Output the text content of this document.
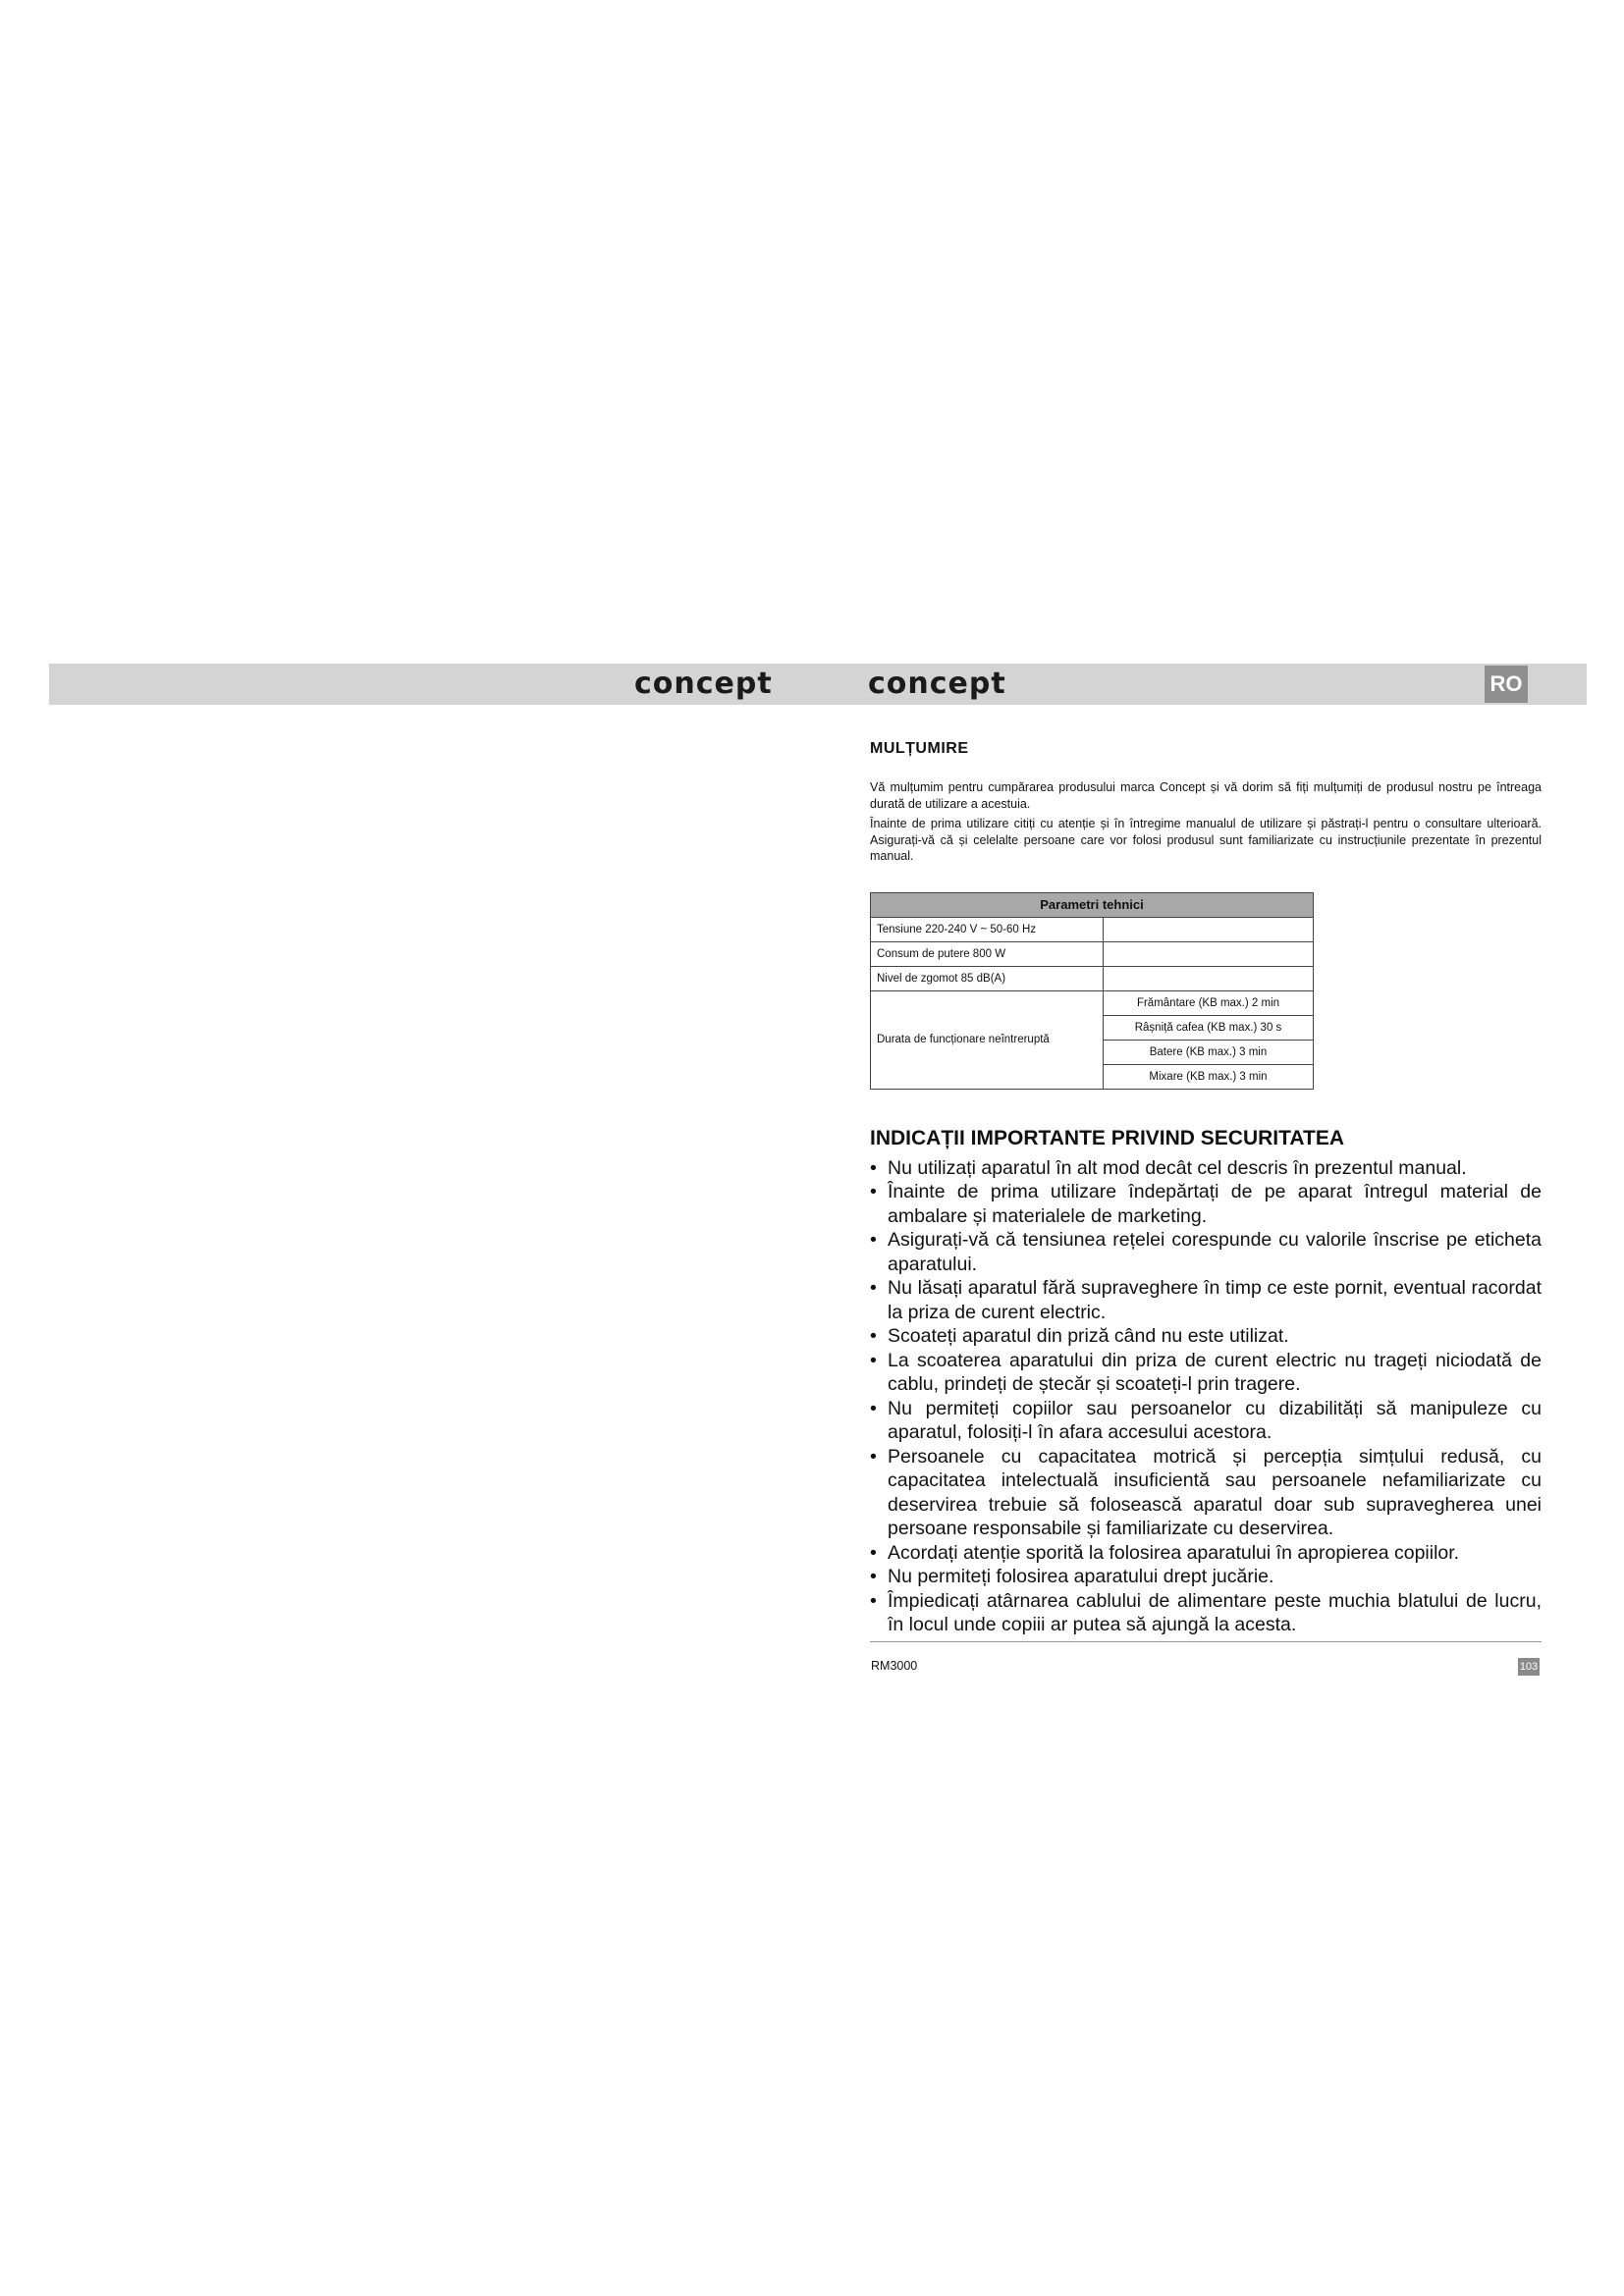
concept	concept	RO
MULȚUMIRE

Vă mulțumim pentru cumpărarea produsului marca Concept și vă dorim să fiți mulțumiți de produsul nostru pe întreaga durată de utilizare a acestuia.

Înainte de prima utilizare citiți cu atenție și în întregime manualul de utilizare și păstrați-l pentru o consultare ulterioară. Asigurați-vă că și celelalte persoane care vor folosi produsul sunt familiarizate cu instrucțiunile prezentate în prezentul manual.

Parametri tehnici	
Tensiune 220-240 V ~ 50-60 Hz	
Consum de putere 800 W	
Nivel de zgomot 85 dB(A)	
Durata de funcționare neîntreruptă	Frământare (KB max.) 2 min
	Râșniță cafea (KB max.) 30 s
	Batere (KB max.) 3 min
	Mixare (KB max.) 3 min
INDICAȚII IMPORTANTE PRIVIND SECURITATEA
• Nu utilizați aparatul în alt mod decât cel descris în prezentul manual.
• Înainte de prima utilizare îndepărtați de pe aparat întregul material de ambalare și materialele de marketing.
• Asigurați-vă că tensiunea rețelei corespunde cu valorile înscrise pe eticheta aparatului.
• Nu lăsați aparatul fără supraveghere în timp ce este pornit, eventual racordat la priza de curent electric.
• Scoateți aparatul din priză când nu este utilizat.
• La scoaterea aparatului din priza de curent electric nu trageți niciodată de cablu, prindeți de ștecăr și scoateți-l prin tragere.
• Nu permiteți copiilor sau persoanelor cu dizabilități să manipuleze cu aparatul, folosiți-l în afara accesului acestora.
• Persoanele cu capacitatea motrică și percepția simțului redusă, cu capacitatea intelectuală insuficientă sau persoanele nefamiliarizate cu deservirea trebuie să folosească aparatul doar sub supravegherea unei persoane responsabile și familiarizate cu deservirea.
• Acordați atenție sporită la folosirea aparatului în apropierea copiilor.
• Nu permiteți folosirea aparatului drept jucărie.
• Împiedicați atârnarea cablului de alimentare peste muchia blatului de lucru, în locul unde copiii ar putea să ajungă la acesta.
RM3000	103
